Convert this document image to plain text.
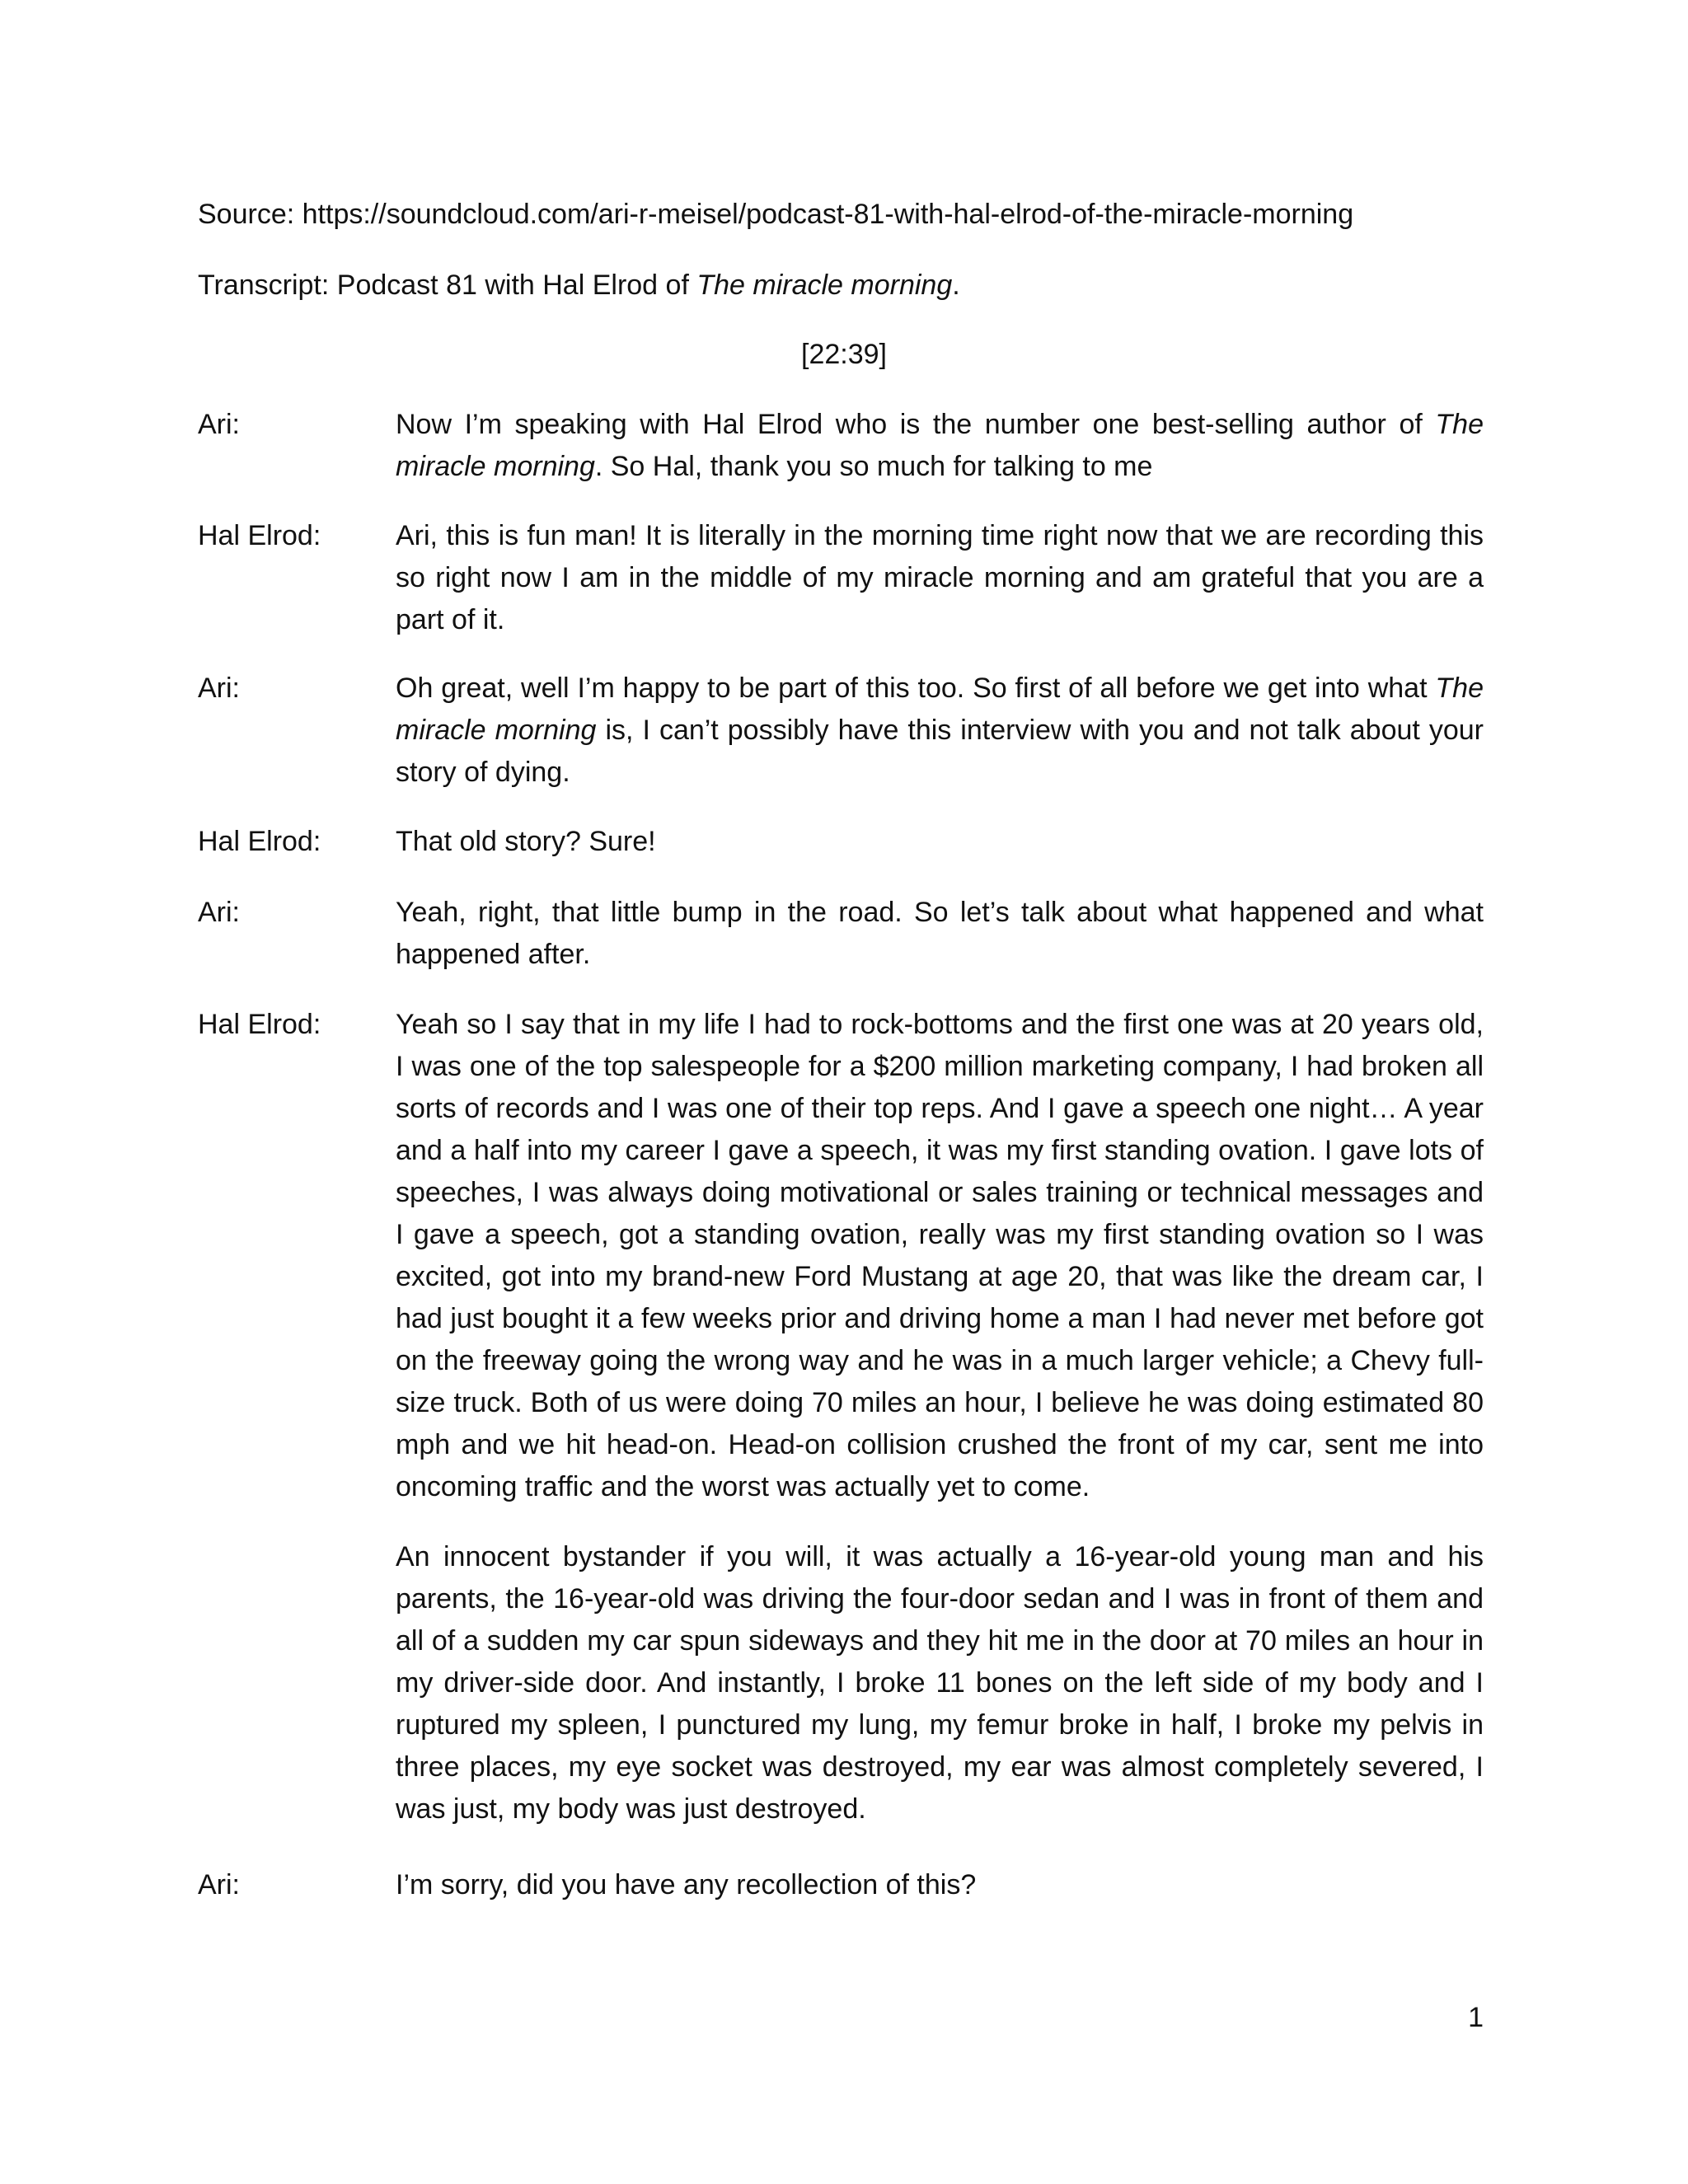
Source: https://soundcloud.com/ari-r-meisel/podcast-81-with-hal-elrod-of-the-miracle-morning
Transcript: Podcast 81 with Hal Elrod of The miracle morning.
[22:39]
Ari:	Now I’m speaking with Hal Elrod who is the number one best-selling author of The miracle morning. So Hal, thank you so much for talking to me

Hal Elrod:	Ari, this is fun man! It is literally in the morning time right now that we are recording this so right now I am in the middle of my miracle morning and am grateful that you are a part of it.

Ari:	Oh great, well I’m happy to be part of this too. So first of all before we get into what The miracle morning is, I can’t possibly have this interview with you and not talk about your story of dying.

Hal Elrod:	That old story? Sure!

Ari:	Yeah, right, that little bump in the road. So let’s talk about what happened and what happened after.

Hal Elrod:	Yeah so I say that in my life I had to rock-bottoms and the first one was at 20 years old, I was one of the top salespeople for a $200 million marketing company, I had broken all sorts of records and I was one of their top reps. And I gave a speech one night… A year and a half into my career I gave a speech, it was my first standing ovation. I gave lots of speeches, I was always doing motivational or sales training or technical messages and I gave a speech, got a standing ovation, really was my first standing ovation so I was excited, got into my brand-new Ford Mustang at age 20, that was like the dream car, I had just bought it a few weeks prior and driving home a man I had never met before got on the freeway going the wrong way and he was in a much larger vehicle; a Chevy full-size truck. Both of us were doing 70 miles an hour, I believe he was doing estimated 80 mph and we hit head-on. Head-on collision crushed the front of my car, sent me into oncoming traffic and the worst was actually yet to come.

An innocent bystander if you will, it was actually a 16-year-old young man and his parents, the 16-year-old was driving the four-door sedan and I was in front of them and all of a sudden my car spun sideways and they hit me in the door at 70 miles an hour in my driver-side door. And instantly, I broke 11 bones on the left side of my body and I ruptured my spleen, I punctured my lung, my femur broke in half, I broke my pelvis in three places, my eye socket was destroyed, my ear was almost completely severed, I was just, my body was just destroyed.

Ari:	I’m sorry, did you have any recollection of this?

1
